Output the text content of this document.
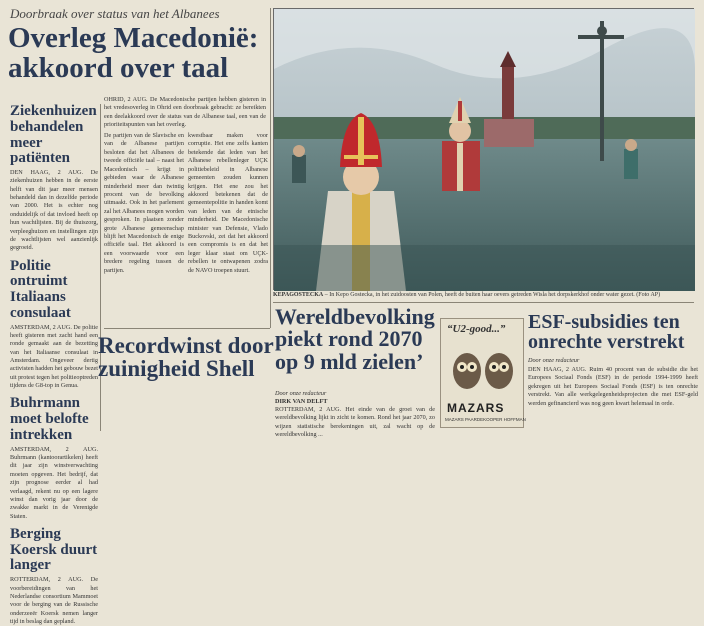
Ziekenhuizen behandelen meer patiënten

DEN HAAG, 2 AUG. De ziekenhuizen hebben in de eerste helft van dit jaar meer mensen behandeld dan in dezelfde periode van 2000. Het is echter nog onduidelijk of dat invloed heeft op hun wachtlijsten. Bij de thuiszorg, verpleeghuizen en instellingen zijn de wachtlijsten wel aanzienlijk gegroeid.

Politie ontruimt Italiaans consulaat

AMSTERDAM, 2 AUG. De politie heeft gisteren met zacht hand een ronde gemaakt aan de bezetting van het Italiaanse consulaat in Amsterdam. Ongeveer dertig activisten hadden het gebouw bezet uit protest tegen het politieoptreden tijdens de G8-top in Genua.

Buhrmann moet belofte intrekken

AMSTERDAM, 2 AUG. Buhrmann (kantoorartikelen) heeft dit jaar zijn winstverwachting moeten opgeven. Het bedrijf, dat zijn prognose eerder al had verlaagd, rekent nu op een lagere winst dan vorig jaar door de zwakke markt in de Verenigde Staten.

Berging Koersk duurt langer

ROTTERDAM, 2 AUG. De voorbereidingen van het Nederlandse consortium Mammoet voor de berging van de Russische onderzeeër Koersk nemen langer tijd in beslag dan gepland.

Doorbraak over status van het Albanees
Overleg Macedonië:
akkoord over taal

OHRID, 2 AUG. De Macedonische partijen hebben gisteren in het vredesoverleg in Ohrid een doorbraak gebracht: ze bereikten een deelakkoord over de status van de Albanese taal, een van de prioriteitspunten van het overleg.

De partijen van de Slavische en van de Albanese partijen besloten dat het Albanees de tweede officiële taal – naast het Macedonisch – krijgt in gebieden waar de Albanese minderheid meer dan twintig procent van de bevolking uitmaakt. Ook in het parlement zal het Albanees mogen worden gesproken. In plaatsen zonder grote Albanese gemeenschap blijft het Macedonisch de enige officiële taal. Het akkoord is een voorwaarde voor een bredere regeling tussen de partijen.

kwestbaar maken voor corruptie. Het ene zelfs kanten betekende dat leden van het Albanese rebellenleger UÇK politiebeleid in Albanese gemeenten zouden kunnen krijgen. Het ene zou het akkoord betekenen dat de gemeentepolitie in handen komt van leden van de etnische minderheid. De Macedonische minister van Defensie, Vlado Buckovski, zei dat het akkoord een compromis is en dat het leger klaar staat om UÇK-rebellen te ontwapenen zodra de NAVO troepen stuurt.

KEPAGOSTECKA – In Kepo Gostecka, in het zuidoosten van Polen, heeft de buiten haar oevers getreden Wisla het dorpskerkhof onder water gezet. (Foto AP)
Recordwinst door
zuinigheid Shell
Wereldbevolking
piekt rond 2070
op 9 mld zielen’
Door onze redacteur
DIRK VAN DELFT

ROTTERDAM, 2 AUG. Het einde van de groei van de wereldbevolking lijkt in zicht te komen. Rond het jaar 2070, zo wijzen statistische berekeningen uit, zal wacht op de wereldbevolking ...

“U2-good...”
MAZARS
MAZARS PAARDEKOOPER HOFFMAN
ESF-subsidies ten
onrechte verstrekt
Door onze redacteur

DEN HAAG, 2 AUG. Ruim 40 procent van de subsidie die het Europees Sociaal Fonds (ESF) in de periode 1994-1999 heeft gekregen uit het Europees Sociaal Fonds (ESF) is ten onrechte verstrekt. Van alle werkgelegenheidsprojecten die met ESF-geld werden gefinancierd was nog geen kwart helemaal in orde.
